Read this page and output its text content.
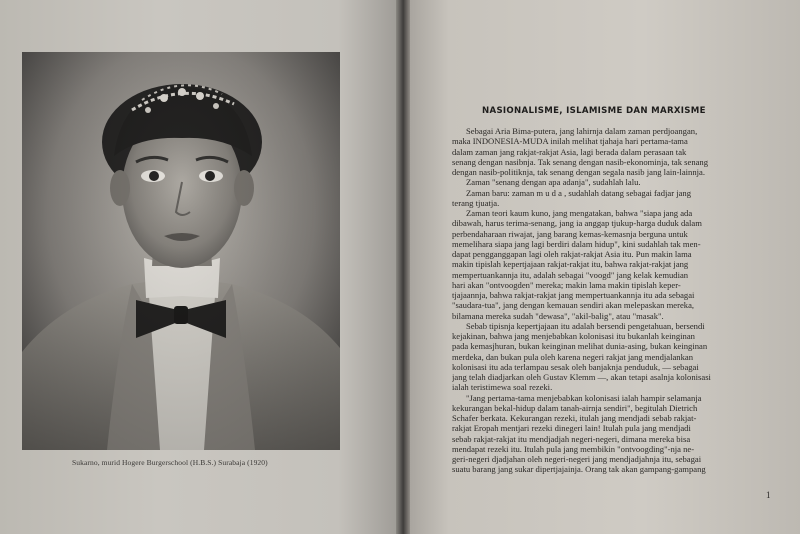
Sukarno, murid Hogere Burgerschool (H.B.S.) Surabaja (1920)
NASIONALISME, ISLAMISME DAN MARXISME
Sebagai Aria Bima-putera, jang lahirnja dalam zaman perdjoangan,
maka INDONESIA-MUDA inilah melihat tjahaja hari pertama-tama
dalam zaman jang rakjat-rakjat Asia, lagi berada dalam perasaan tak
senang dengan nasibnja. Tak senang dengan nasib-ekonominja, tak senang
dengan nasib-politiknja, tak senang dengan segala nasib jang lain-lainnja.
Zaman "senang dengan apa adanja", sudahlah lalu.
Zaman baru: zaman m u d a , sudahlah datang sebagai fadjar jang
terang tjuatja.
Zaman teori kaum kuno, jang mengatakan, bahwa "siapa jang ada
dibawah, harus terima-senang, jang ia anggap tjukup-harga duduk dalam
perbendaharaan riwajat, jang barang kemas-kemasnja berguna untuk
memelihara siapa jang lagi berdiri dalam hidup", kini sudahlah tak men-
dapat pengganggapan lagi oleh rakjat-rakjat Asia itu. Pun makin lama
makin tipislah kepertjajaan rakjat-rakjat itu, bahwa rakjat-rakjat jang
mempertuankannja itu, adalah sebagai "voogd" jang kelak kemudian
hari akan "ontvoogden" mereka; makin lama makin tipislah keper-
tjajaannja, bahwa rakjat-rakjat jang mempertuankannja itu ada sebagai
"saudara-tua", jang dengan kemauan sendiri akan melepaskan mereka,
bilamana mereka sudah "dewasa", "akil-balig", atau "masak".
Sebab tipisnja kepertjajaan itu adalah bersendi pengetahuan, bersendi
kejakinan, bahwa jang menjebabkan kolonisasi itu bukanlah keinginan
pada kemasjhuran, bukan keinginan melihat dunia-asing, bukan keinginan
merdeka, dan bukan pula oleh karena negeri rakjat jang mendjalankan
kolonisasi itu ada terlampau sesak oleh banjaknja penduduk, — sebagai
jang telah diadjarkan oleh Gustav Klemm —, akan tetapi asalnja kolonisasi
ialah teristimewa soal rezeki.
"Jang pertama-tama menjebabkan kolonisasi ialah hampir selamanja
kekurangan bekal-hidup dalam tanah-airnja sendiri", begitulah Dietrich
Schafer berkata. Kekurangan rezeki, itulah jang mendjadi sebab rakjat-
rakjat Eropah mentjari rezeki dinegeri lain! Itulah pula jang mendjadi
sebab rakjat-rakjat itu mendjadjah negeri-negeri, dimana mereka bisa
mendapat rezeki itu. Itulah pula jang membikin "ontvoogding"-nja ne-
geri-negeri djadjahan oleh negeri-negeri jang mendjadjahnja itu, sebagai
suatu barang jang sukar dipertjajainja. Orang tak akan gampang-gampang
1
